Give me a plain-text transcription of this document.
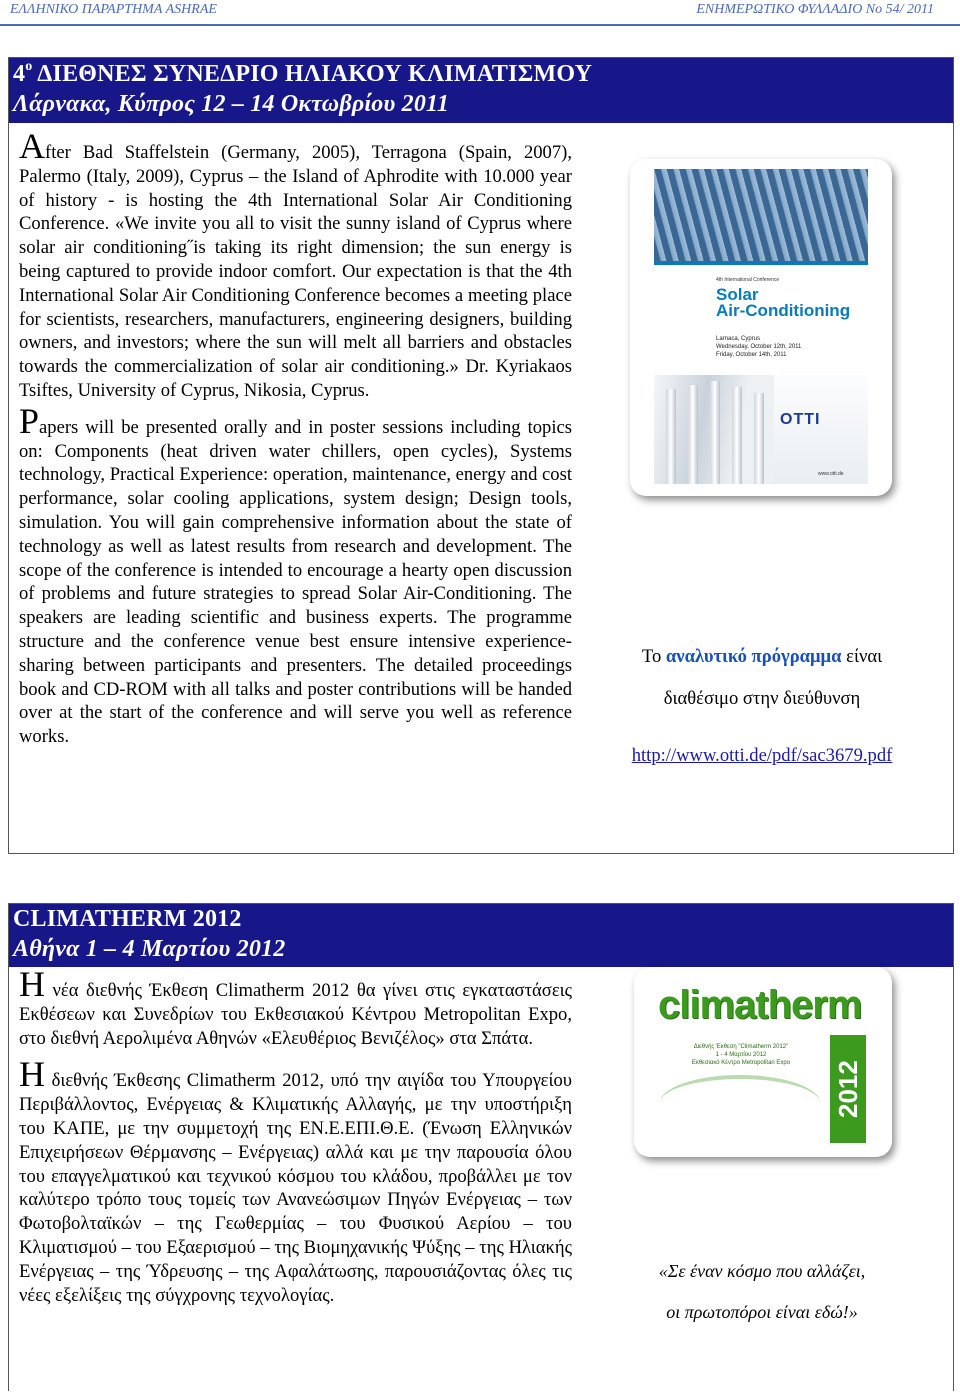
ΕΛΛΗΝΙΚΟ ΠΑΡΑΡΤΗΜΑ ASHRAE	ΕΝΗΜΕΡΩΤΙΚΟ ΦΥΛΛΑΔΙΟ Νο 54/ 2011
$4^o$ ΔΙΕΘΝΕΣ ΣΥΝΕΔΡΙΟ ΗΛΙΑΚΟΥ ΚΛΙΜΑΤΙΣΜΟΥ
Λάρνακα, Κύπρος 12 – 14 Οκτωβρίου 2011

After Bad Staffelstein (Germany, 2005), Terragona (Spain, 2007), Palermo (Italy, 2009), Cyprus – the Island of Aphrodite with 10.000 year of history - is hosting the 4th International Solar Air Conditioning Conference. «We invite you all to visit the sunny island of Cyprus where solar air conditioning˝is taking its right dimension; the sun energy is being captured to provide indoor comfort. Our expectation is that the 4th International Solar Air Conditioning Conference becomes a meeting place for scientists, researchers, manufacturers, engineering designers, building owners, and investors; where the sun will melt all barriers and obstacles towards the commercialization of solar air conditioning.» Dr. Kyriakaos Tsiftes, University of Cyprus, Nikosia, Cyprus.

Papers will be presented orally and in poster sessions including topics on: Components (heat driven water chillers, open cycles), Systems technology, Practical Experience: operation, maintenance, energy and cost performance, solar cooling applications, system design; Design tools, simulation. You will gain comprehensive information about the state of technology as well as latest results from research and development. The scope of the conference is intended to encourage a hearty open discussion of problems and future strategies to spread Solar Air-Conditioning. The speakers are leading scientific and business experts. The programme structure and the conference venue best ensure intensive experience-sharing between participants and presenters. The detailed proceedings book and CD-ROM with all talks and poster contributions will be handed over at the start of the conference and will serve you well as reference works.

4th International Conference
Solar
Air-Conditioning
Larnaca, Cyprus
Wednesday, October 12th, 2011
Friday, October 14th, 2011
OTTI
www.otti.de
Το αναλυτικό πρόγραμμα είναι
διαθέσιμο στην διεύθυνση
http://www.otti.de/pdf/sac3679.pdf
CLIMATHERM 2012
Αθήνα 1 – 4 Μαρτίου 2012

Η νέα διεθνής Έκθεση Climatherm 2012 θα γίνει στις εγκαταστάσεις Εκθέσεων και Συνεδρίων του Εκθεσιακού Κέντρου Metropolitan Expo, στο διεθνή Αερολιμένα Αθηνών «Ελευθέριος Βενιζέλος» στα Σπάτα.

Η διεθνής Έκθεσης Climatherm 2012, υπό την αιγίδα του Υπουργείου Περιβάλλοντος, Ενέργειας & Κλιματικής Αλλαγής, με την υποστήριξη του ΚΑΠΕ, με την συμμετοχή της ΕΝ.Ε.ΕΠΙ.Θ.Ε. (Ένωση Ελληνικών Επιχειρήσεων Θέρμανσης – Ενέργειας) αλλά και με την παρουσία όλου του επαγγελματικού και τεχνικού κόσμου του κλάδου, προβάλλει με τον καλύτερο τρόπο τους τομείς των Ανανεώσιμων Πηγών Ενέργειας – των Φωτοβολταϊκών – της Γεωθερμίας – του Φυσικού Αερίου – του Κλιματισμού – του Εξαερισμού – της Βιομηχανικής Ψύξης – της Ηλιακής Ενέργειας – της Ύδρευσης – της Αφαλάτωσης, παρουσιάζοντας όλες τις νέες εξελίξεις της σύγχρονης τεχνολογίας.

climatherm
Διεθνής Έκθεση "Climatherm 2012"
1 - 4 Μαρτίου 2012
Εκθεσιακό Κέντρο Metropolitan Expo	2012
«Σε έναν κόσμο που αλλάζει,
οι πρωτοπόροι είναι εδώ!»
